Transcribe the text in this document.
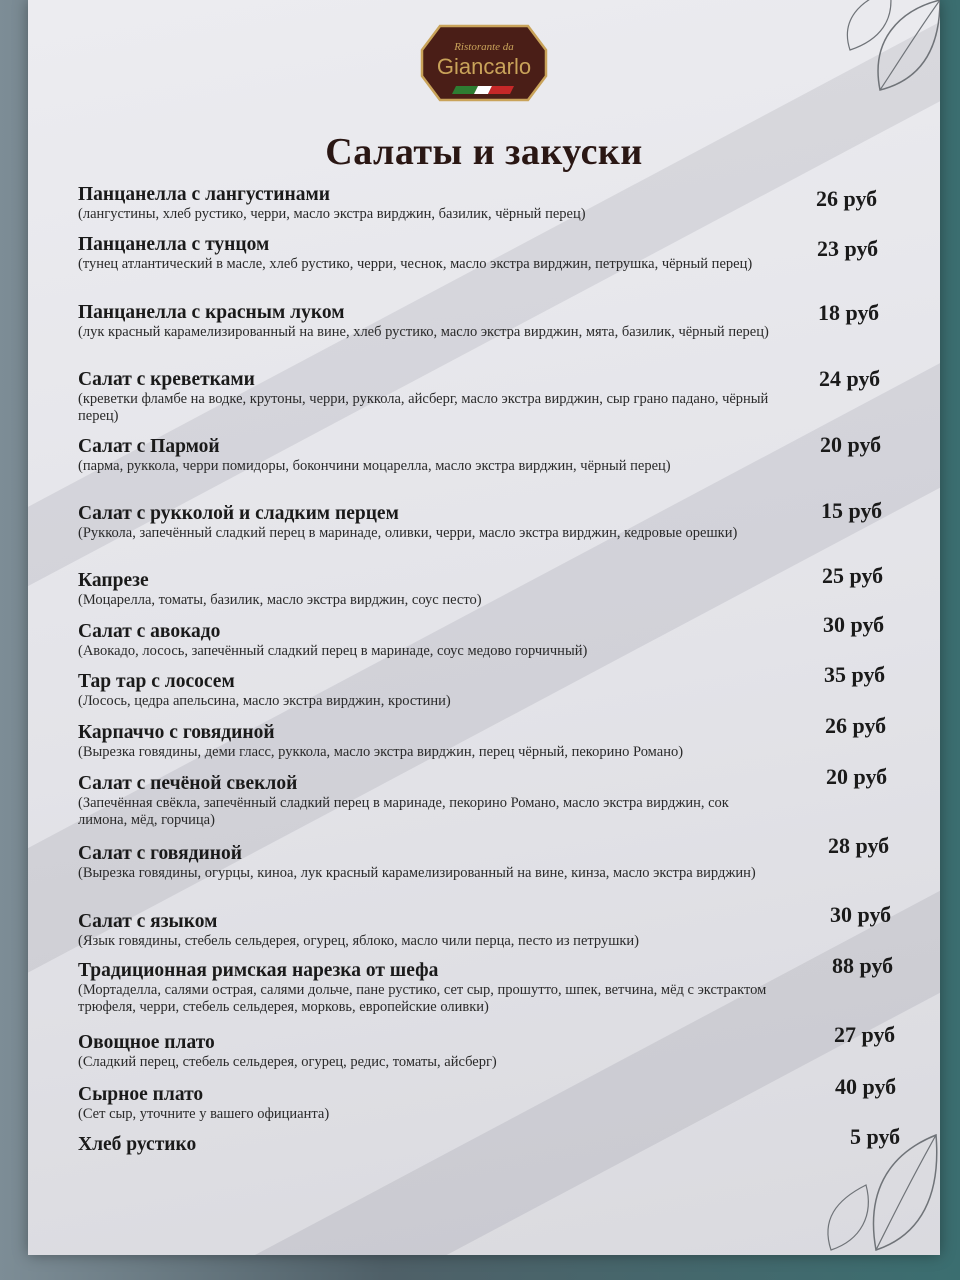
Ristorante da
Giancarlo
Салаты и закуски
Панцанелла с лангустинами
(лангустины, хлеб рустико, черри, масло экстра вирджин, базилик, чёрный перец)
26 руб
Панцанелла с тунцом
(тунец атлантический в масле, хлеб рустико, черри, чеснок, масло экстра вирджин, петрушка, чёрный перец)
23 руб
Панцанелла с красным луком
(лук красный карамелизированный на вине, хлеб рустико, масло экстра вирджин, мята, базилик, чёрный перец)
18 руб
Салат с креветками
(креветки фламбе на водке, крутоны, черри, руккола, айсберг, масло экстра вирджин, сыр грано падано, чёрный перец)
24 руб
Салат с Пармой
(парма, руккола, черри помидоры, бокончини моцарелла, масло экстра вирджин, чёрный перец)
20 руб
Салат с рукколой и сладким перцем
(Руккола, запечённый сладкий перец в маринаде, оливки, черри, масло экстра вирджин, кедровые орешки)
15 руб
Капрезе
(Моцарелла, томаты, базилик, масло экстра вирджин, соус песто)
25 руб
Салат с авокадо
(Авокадо, лосось, запечённый сладкий перец в маринаде, соус медово горчичный)
30 руб
Тар тар с лососем
(Лосось, цедра апельсина, масло экстра вирджин, кростини)
35 руб
Карпаччо с говядиной
(Вырезка говядины, деми гласс, руккола, масло экстра вирджин, перец чёрный, пекорино Романо)
26 руб
Салат с печёной свеклой
(Запечённая свёкла, запечённый сладкий перец в маринаде, пекорино Романо, масло экстра вирджин, сок лимона, мёд, горчица)
20 руб
Салат с говядиной
(Вырезка говядины, огурцы, киноа, лук красный карамелизированный на вине, кинза, масло экстра вирджин)
28 руб
Салат с языком
(Язык говядины, стебель сельдерея, огурец, яблоко, масло чили перца, песто из петрушки)
30 руб
Традиционная римская нарезка от шефа
(Мортаделла, салями острая, салями дольче, пане рустико, сет сыр, прошутто, шпек, ветчина, мёд с экстрактом трюфеля, черри, стебель сельдерея, морковь, европейские оливки)
88 руб
Овощное плато
(Сладкий перец, стебель сельдерея, огурец, редис, томаты, айсберг)
27 руб
Сырное плато
(Сет сыр, уточните у вашего официанта)
40 руб
Хлеб рустико	5 руб
